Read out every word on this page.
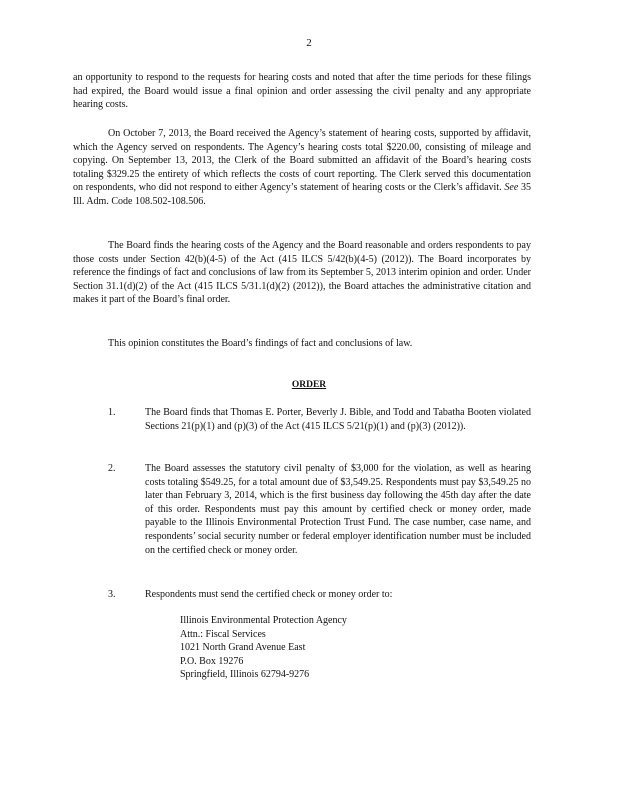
2

an opportunity to respond to the requests for hearing costs and noted that after the time periods for these filings had expired, the Board would issue a final opinion and order assessing the civil penalty and any appropriate hearing costs.

On October 7, 2013, the Board received the Agency’s statement of hearing costs, supported by affidavit, which the Agency served on respondents. The Agency’s hearing costs total $220.00, consisting of mileage and copying. On September 13, 2013, the Clerk of the Board submitted an affidavit of the Board’s hearing costs totaling $329.25 the entirety of which reflects the costs of court reporting. The Clerk served this documentation on respondents, who did not respond to either Agency’s statement of hearing costs or the Clerk’s affidavit. See 35 Ill. Adm. Code 108.502-108.506.

The Board finds the hearing costs of the Agency and the Board reasonable and orders respondents to pay those costs under Section 42(b)(4-5) of the Act (415 ILCS 5/42(b)(4-5) (2012)). The Board incorporates by reference the findings of fact and conclusions of law from its September 5, 2013 interim opinion and order. Under Section 31.1(d)(2) of the Act (415 ILCS 5/31.1(d)(2) (2012)), the Board attaches the administrative citation and makes it part of the Board’s final order.

This opinion constitutes the Board’s findings of fact and conclusions of law.

ORDER
1.	The Board finds that Thomas E. Porter, Beverly J. Bible, and Todd and Tabatha Booten violated Sections 21(p)(1) and (p)(3) of the Act (415 ILCS 5/21(p)(1) and (p)(3) (2012)).
2.	The Board assesses the statutory civil penalty of $3,000 for the violation, as well as hearing costs totaling $549.25, for a total amount due of $3,549.25. Respondents must pay $3,549.25 no later than February 3, 2014, which is the first business day following the 45th day after the date of this order. Respondents must pay this amount by certified check or money order, made payable to the Illinois Environmental Protection Trust Fund. The case number, case name, and respondents’ social security number or federal employer identification number must be included on the certified check or money order.
3.	Respondents must send the certified check or money order to:
Illinois Environmental Protection Agency
Attn.: Fiscal Services
1021 North Grand Avenue East
P.O. Box 19276
Springfield, Illinois 62794-9276
